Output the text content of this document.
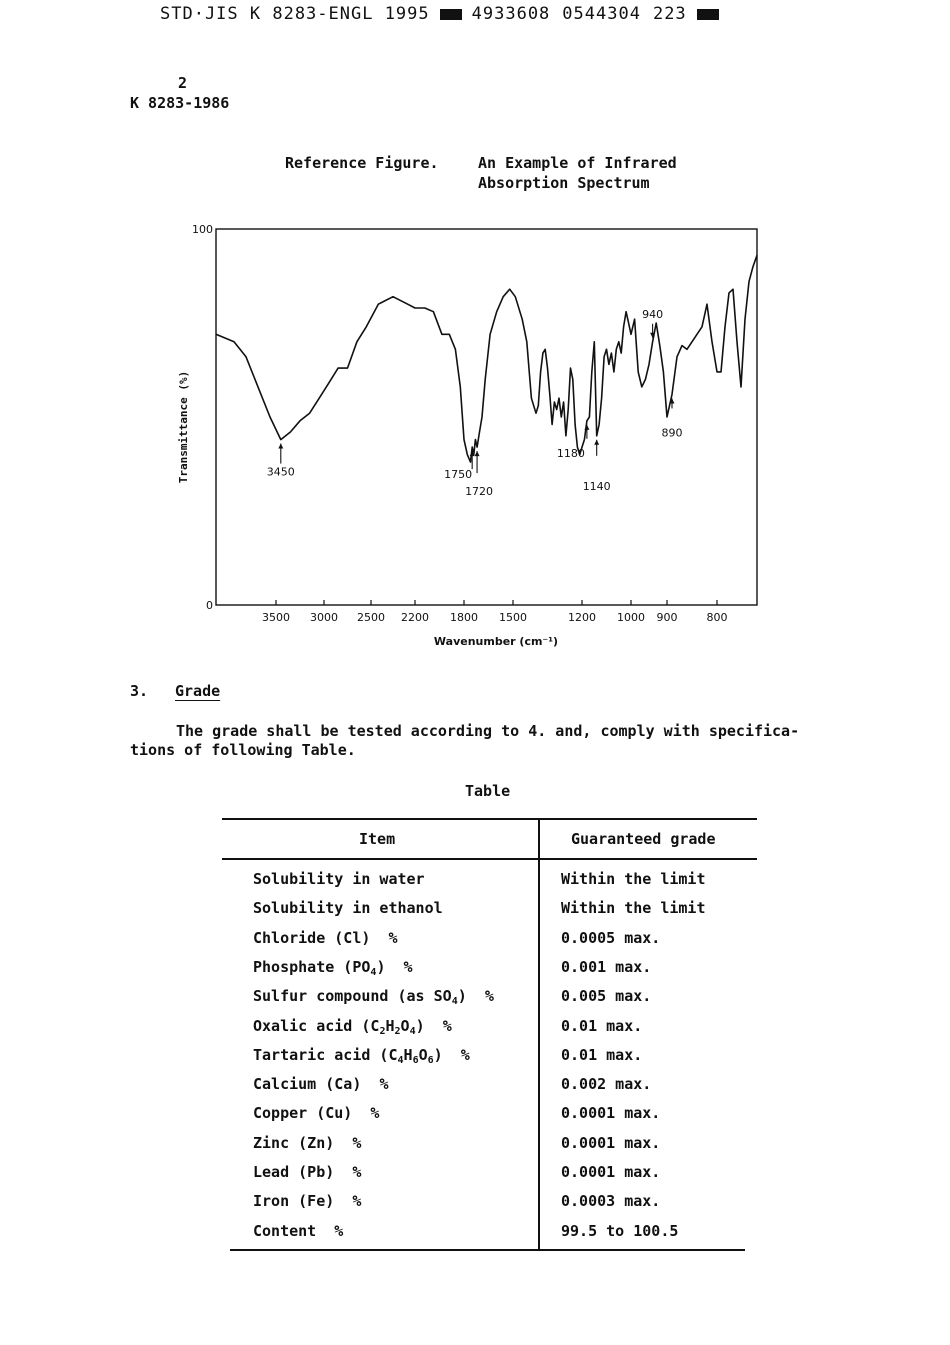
STD·JIS K 8283-ENGL 1995 4933608 0544304 223
2
K 8283-1986
Reference Figure.	An Example of Infrared
Absorption Spectrum
100
0
3500 3000 2500 2200 1800 1500	1200 1000 900	800
3450	1750
1720
1180
1140
940
890
Transmittance (%)
Wavenumber (cm⁻¹)
3. Grade
The grade shall be tested according to 4. and, comply with specifica-
tions of following Table.
Table
Item	Guaranteed grade
Solubility in water	Within the limit
Solubility in ethanol	Within the limit
Chloride (Cl) %	0.0005 max.
Phosphate $(PO_4)$ %	0.001 max.
Sulfur compound (as $SO_4$) %	0.005 max.
Oxalic acid $(C_2H_2O_4)$ %	0.01 max.
Tartaric acid $(C_4H_6O_6)$ %	0.01 max.
Calcium (Ca) %	0.002 max.
Copper (Cu) %	0.0001 max.
Zinc (Zn) %	0.0001 max.
Lead (Pb) %	0.0001 max.
Iron (Fe) %	0.0003 max.
Content %	99.5 to 100.5
